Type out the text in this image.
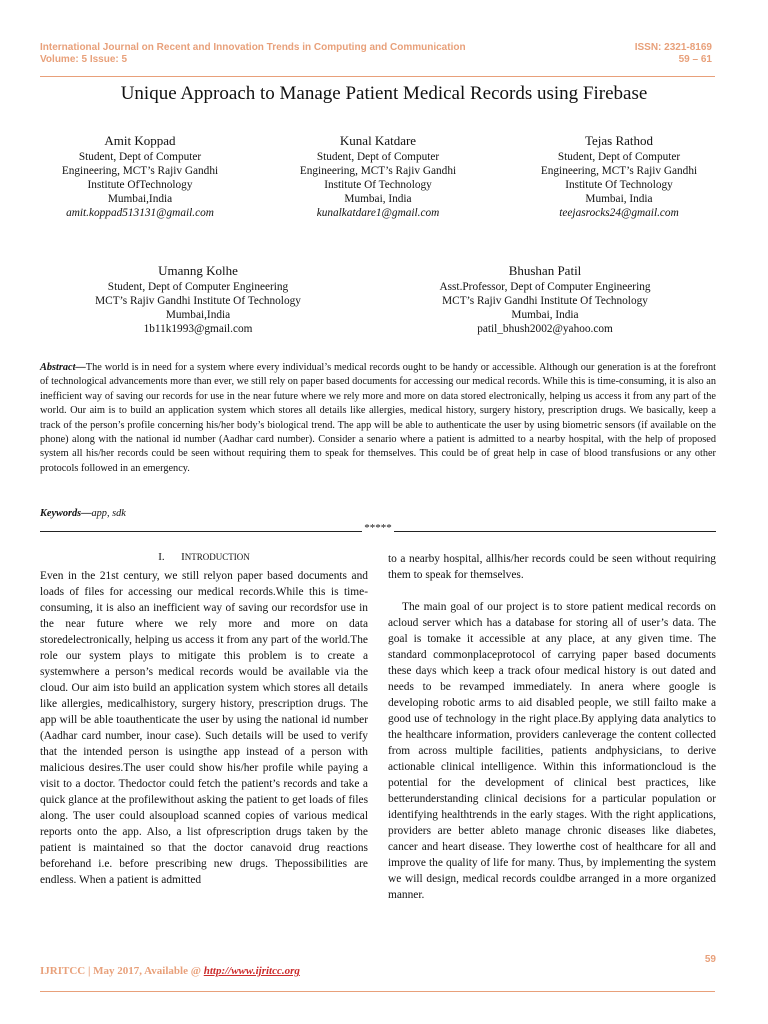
International Journal on Recent and Innovation Trends in Computing and Communication
Volume: 5 Issue: 5
ISSN: 2321-8169
59 – 61
Unique Approach to Manage Patient Medical Records using Firebase
Amit Koppad
Student, Dept of Computer
Engineering, MCT’s Rajiv Gandhi
Institute OfTechnology
Mumbai,India
amit.koppad513131@gmail.com
Kunal Katdare
Student, Dept of Computer
Engineering, MCT’s Rajiv Gandhi
Institute Of Technology
Mumbai, India
kunalkatdare1@gmail.com
Tejas Rathod
Student, Dept of Computer
Engineering, MCT’s Rajiv Gandhi
Institute Of Technology
Mumbai, India
teejasrocks24@gmail.com
Umanng Kolhe
Student, Dept of Computer Engineering
MCT’s Rajiv Gandhi Institute Of Technology
Mumbai,India
1b11k1993@gmail.com
Bhushan Patil
Asst.Professor, Dept of Computer Engineering
MCT’s Rajiv Gandhi Institute Of Technology
Mumbai, India
patil_bhush2002@yahoo.com
Abstract—The world is in need for a system where every individual’s medical records ought to be handy or accessible. Although our generation is at the forefront of technological advancements more than ever, we still rely on paper based documents for accessing our medical records. While this is time-consuming, it is also an inefficient way of saving our records for use in the near future where we rely more and more on data stored electronically, helping us access it from any part of the world. Our aim is to build an application system which stores all details like allergies, medical history, surgery history, prescription drugs. We basically, keep a track of the person’s profile concerning his/her body’s biological trend. The app will be able to authenticate the user by using biometric sensors (if available on the phone) along with the national id number (Aadhar card number). Consider a senario where a patient is admitted to a nearby hospital, with the help of proposed system all his/her records could be seen without requiring them to speak for themselves. This could be of great help in case of blood transfusions or any other protocols followed in an emergency.
Keywords—app, sdk
*****
I. INTRODUCTION
Even in the 21st century, we still relyon paper based documents and loads of files for accessing our medical records.While this is time-consuming, it is also an inefficient way of saving our recordsfor use in the near future where we rely more and more on data storedelectronically, helping us access it from any part of the world.The role our system plays to mitigate this problem is to create a systemwhere a person’s medical records would be available via the cloud. Our aim isto build an application system which stores all details like allergies, medicalhistory, surgery history, prescription drugs. The app will be able toauthenticate the user by using the national id number (Aadhar card number, inour case). Such details will be used to verify that the intended person is usingthe app instead of a person with malicious desires.The user could show his/her profile while paying a visit to a doctor. Thedoctor could fetch the patient’s records and take a quick glance at the profilewithout asking the patient to get loads of files along. The user could alsoupload scanned copies of various medical reports onto the app. Also, a list ofprescription drugs taken by the patient is maintained so that the doctor canavoid drug reactions beforehand i.e. before prescribing new drugs. Thepossibilities are endless. When a patient is admitted
to a nearby hospital, allhis/her records could be seen without requiring them to speak for themselves.
The main goal of our project is to store patient medical records on acloud server which has a database for storing all of user’s data. The goal is tomake it accessible at any place, at any given time. The standard commonplaceprotocol of carrying paper based documents these days which keep a track ofour medical history is out dated and needs to be revamped immediately. In anera where google is developing robotic arms to aid disabled people, we still failto make a good use of technology in the right place.By applying data analytics to the healthcare information, providers canleverage the content collected from across multiple facilities, patients andphysicians, to derive actionable clinical intelligence. Within this informationcloud is the potential for the development of clinical best practices, like betterunderstanding clinical decisions for a particular population or identifying healthtrends in the early stages. With the right applications, providers are better ableto manage chronic diseases like diabetes, cancer and heart disease. They lowerthe cost of healthcare for all and improve the quality of life for many. Thus, by implementing the system we will design, medical records couldbe arranged in a more organized manner.
59
IJRITCC | May 2017, Available @ http://www.ijritcc.org
